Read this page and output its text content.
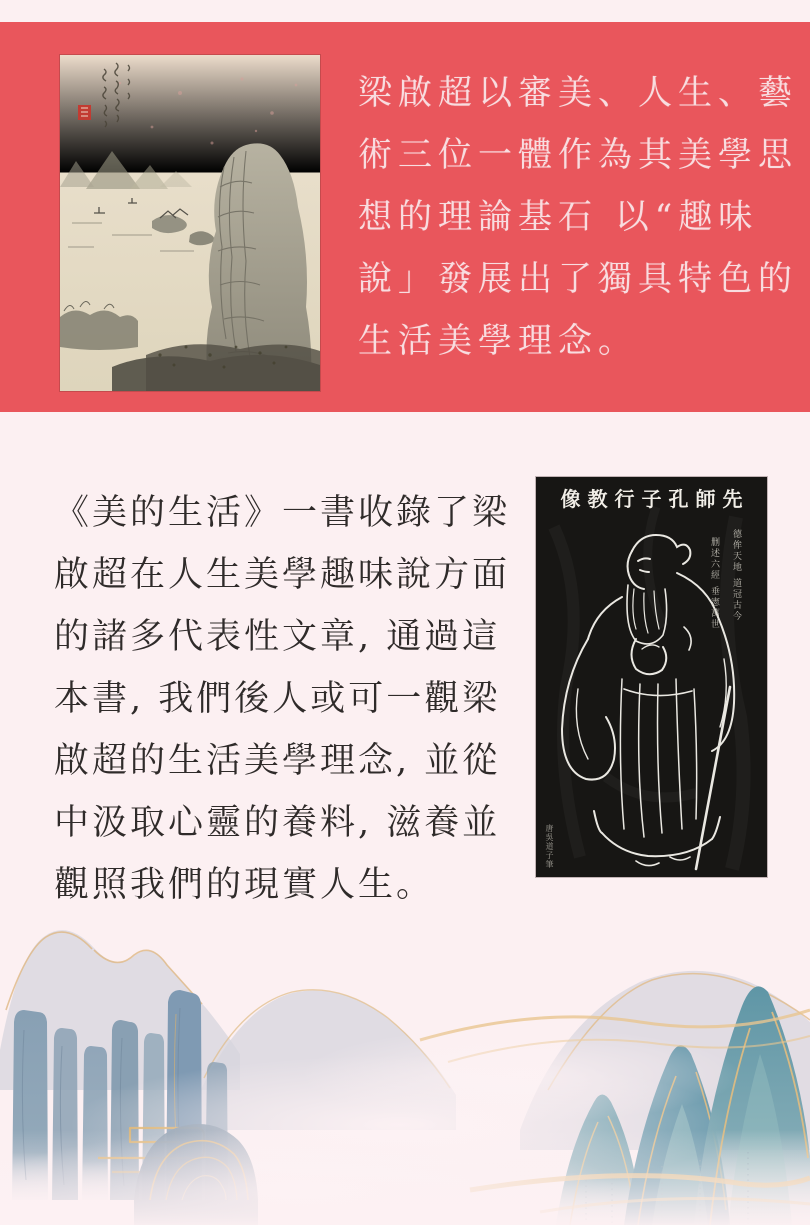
梁啟超以審美、人生、藝
術三位一體作為其美學思
想的理論基石 以“趣味
說」發展出了獨具特色的
生活美學理念。
《美的生活》一書收錄了梁
啟超在人生美學趣味說方面
的諸多代表性文章, 通過這
本書, 我們後人或可一觀梁
啟超的生活美學理念, 並從
中汲取心靈的養料, 滋養並
觀照我們的現實人生。
像教行子孔師先
德侔天地 道冠古今
删述六經 垂憲萬世
唐吳道子筆
